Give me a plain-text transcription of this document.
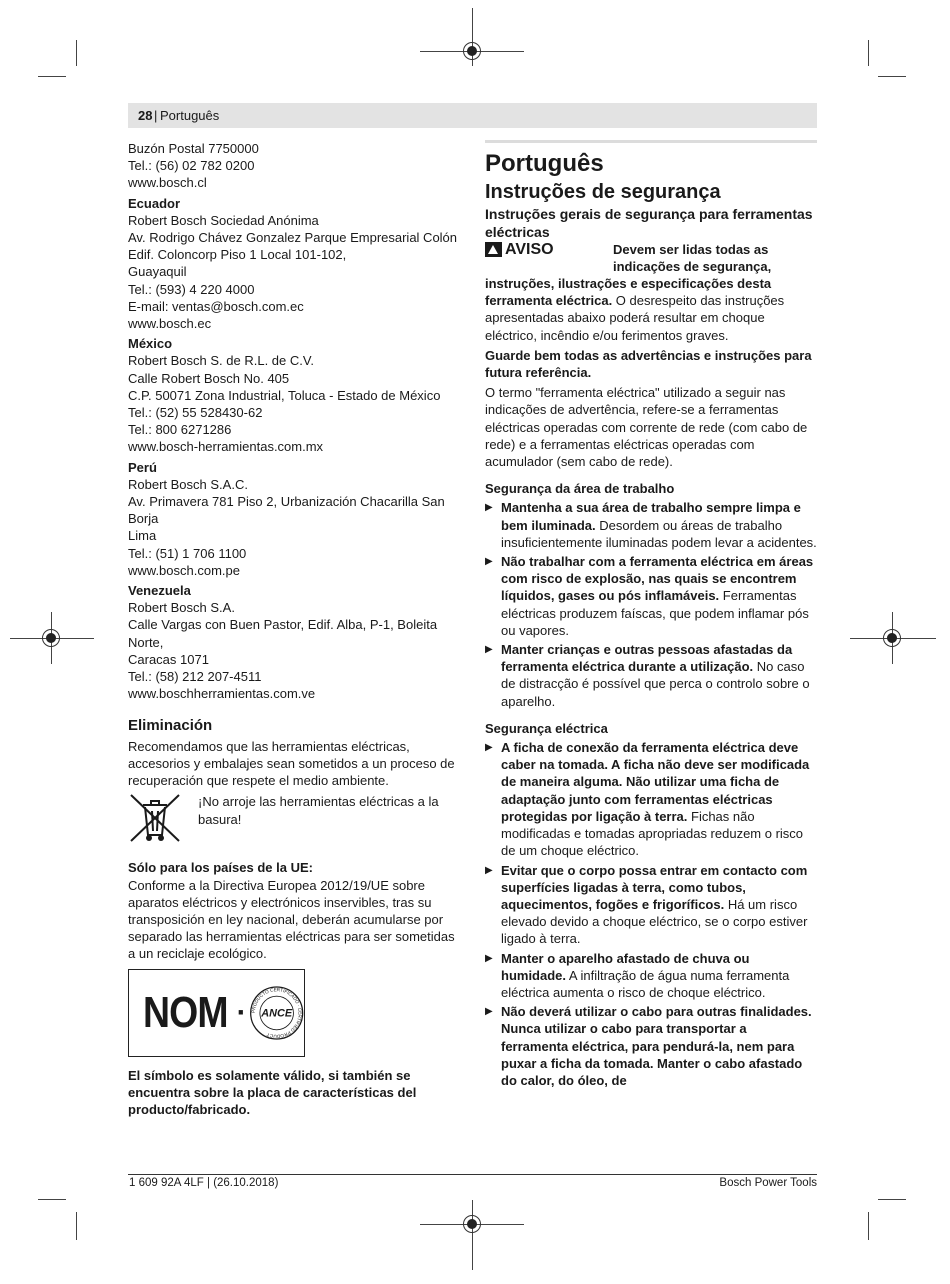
28 | Português
Buzón Postal 7750000
Tel.: (56) 02 782 0200
www.bosch.cl

Ecuador

Robert Bosch Sociedad Anónima
Av. Rodrigo Chávez Gonzalez Parque Empresarial Colón
Edif. Coloncorp Piso 1 Local 101-102,
Guayaquil
Tel.: (593) 4 220 4000
E-mail: ventas@bosch.com.ec
www.bosch.ec

México

Robert Bosch S. de R.L. de C.V.
Calle Robert Bosch No. 405
C.P. 50071 Zona Industrial, Toluca - Estado de México
Tel.: (52) 55 528430-62
Tel.: 800 6271286
www.bosch-herramientas.com.mx

Perú

Robert Bosch S.A.C.
Av. Primavera 781 Piso 2, Urbanización Chacarilla San Borja
Lima
Tel.: (51) 1 706 1100
www.bosch.com.pe

Venezuela

Robert Bosch S.A.
Calle Vargas con Buen Pastor, Edif. Alba, P-1, Boleita Norte,
Caracas 1071
Tel.: (58) 212 207-4511
www.boschherramientas.com.ve

Eliminación

Recomendamos que las herramientas eléctricas, accesorios y embalajes sean sometidos a un proceso de recuperación que respete el medio ambiente.

¡No arroje las herramientas eléctricas a la basura!

Sólo para los países de la UE:

Conforme a la Directiva Europea 2012/19/UE sobre aparatos eléctricos y electrónicos inservibles, tras su transposición en ley nacional, deberán acumularse por separado las herramientas eléctricas para ser sometidas a un reciclaje ecológico.

NOM · PRODUCTO CERTIFICADO · CERTIFIED PRODUCT
ANCE

El símbolo es solamente válido, si también se encuentra sobre la placa de características del producto/fabricado.

Português

Instruções de segurança

Instruções gerais de segurança para ferramentas eléctricas

AVISO	Devem ser lidas todas as indicações de segurança,

instruções, ilustrações e especificações desta ferramenta eléctrica. O desrespeito das instruções apresentadas abaixo poderá resultar em choque eléctrico, incêndio e/ou ferimentos graves.

Guarde bem todas as advertências e instruções para futura referência.

O termo "ferramenta eléctrica" utilizado a seguir nas indicações de advertência, refere-se a ferramentas eléctricas operadas com corrente de rede (com cabo de rede) e a ferramentas eléctricas operadas com acumulador (sem cabo de rede).

Segurança da área de trabalho

▶ Mantenha a sua área de trabalho sempre limpa e bem iluminada. Desordem ou áreas de trabalho insuficientemente iluminadas podem levar a acidentes.
▶ Não trabalhar com a ferramenta eléctrica em áreas com risco de explosão, nas quais se encontrem líquidos, gases ou pós inflamáveis. Ferramentas eléctricas produzem faíscas, que podem inflamar pós ou vapores.
▶ Manter crianças e outras pessoas afastadas da ferramenta eléctrica durante a utilização. No caso de distracção é possível que perca o controlo sobre o aparelho.

Segurança eléctrica

▶ A ficha de conexão da ferramenta eléctrica deve caber na tomada. A ficha não deve ser modificada de maneira alguma. Não utilizar uma ficha de adaptação junto com ferramentas eléctricas protegidas por ligação à terra. Fichas não modificadas e tomadas apropriadas reduzem o risco de um choque eléctrico.
▶ Evitar que o corpo possa entrar em contacto com superfícies ligadas à terra, como tubos, aquecimentos, fogões e frigoríficos. Há um risco elevado devido a choque eléctrico, se o corpo estiver ligado à terra.
▶ Manter o aparelho afastado de chuva ou humidade. A infiltração de água numa ferramenta eléctrica aumenta o risco de choque eléctrico.
▶ Não deverá utilizar o cabo para outras finalidades. Nunca utilizar o cabo para transportar a ferramenta eléctrica, para pendurá-la, nem para puxar a ficha da tomada. Manter o cabo afastado do calor, do óleo, de
1 609 92A 4LF | (26.10.2018)	Bosch Power Tools
